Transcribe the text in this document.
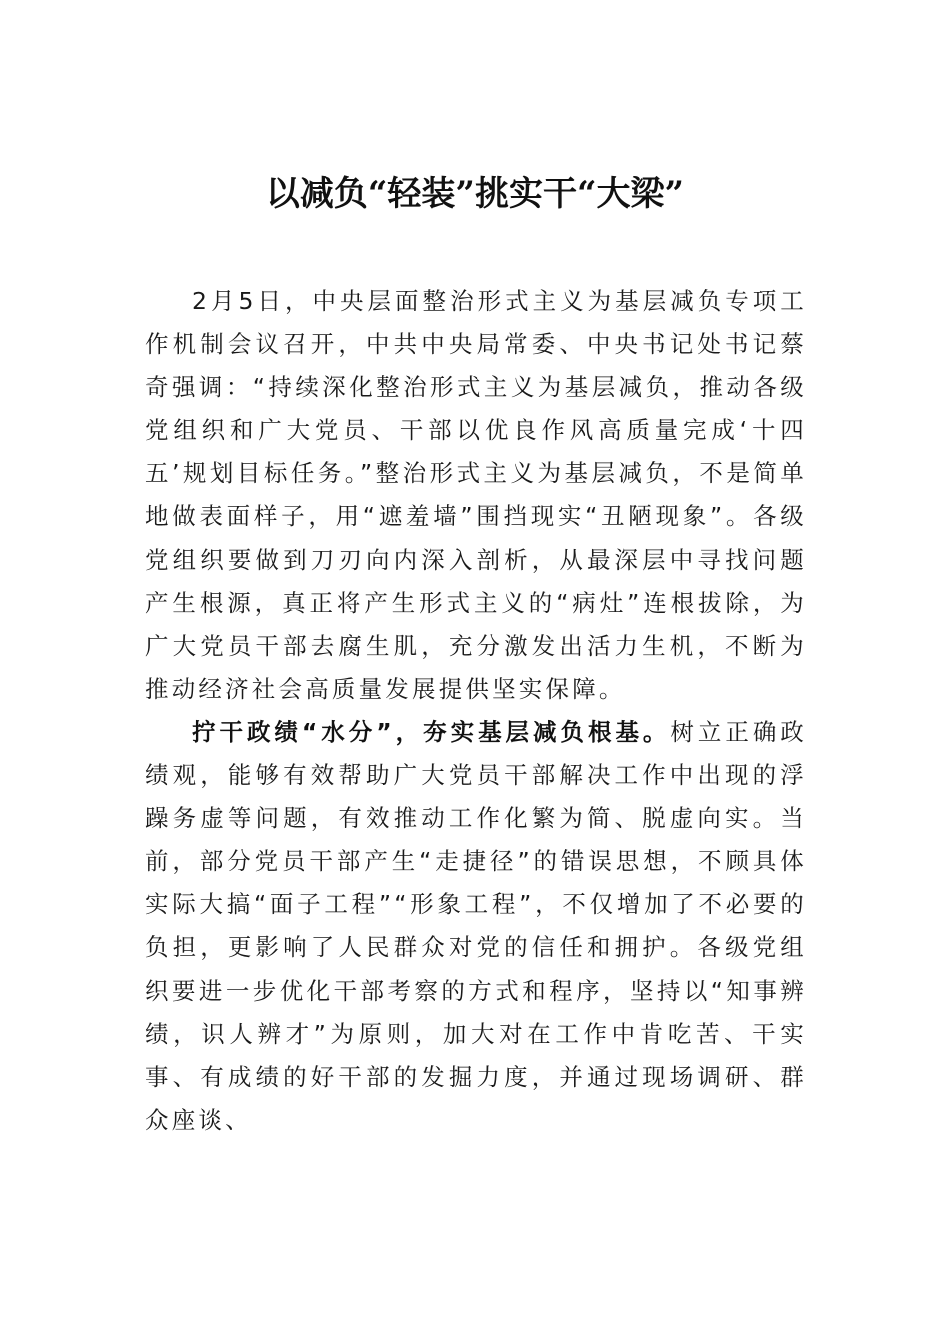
以减负“轻装”挑实干“大梁”

2月5日，中央层面整治形式主义为基层减负专项工作机制会议召开，中共中央局常委、中央书记处书记蔡奇强调：“持续深化整治形式主义为基层减负，推动各级党组织和广大党员、干部以优良作风高质量完成‘十四五’规划目标任务。”整治形式主义为基层减负，不是简单地做表面样子，用“遮羞墙”围挡现实“丑陋现象”。各级党组织要做到刀刃向内深入剖析，从最深层中寻找问题产生根源，真正将产生形式主义的“病灶”连根拔除，为广大党员干部去腐生肌，充分激发出活力生机，不断为推动经济社会高质量发展提供坚实保障。

拧干政绩“水分”，夯实基层减负根基。树立正确政绩观，能够有效帮助广大党员干部解决工作中出现的浮躁务虚等问题，有效推动工作化繁为简、脱虚向实。当前，部分党员干部产生“走捷径”的错误思想，不顾具体实际大搞“面子工程”“形象工程”，不仅增加了不必要的负担，更影响了人民群众对党的信任和拥护。各级党组织要进一步优化干部考察的方式和程序，坚持以“知事辨绩，识人辨才”为原则，加大对在工作中肯吃苦、干实事、有成绩的好干部的发掘力度，并通过现场调研、群众座谈、
